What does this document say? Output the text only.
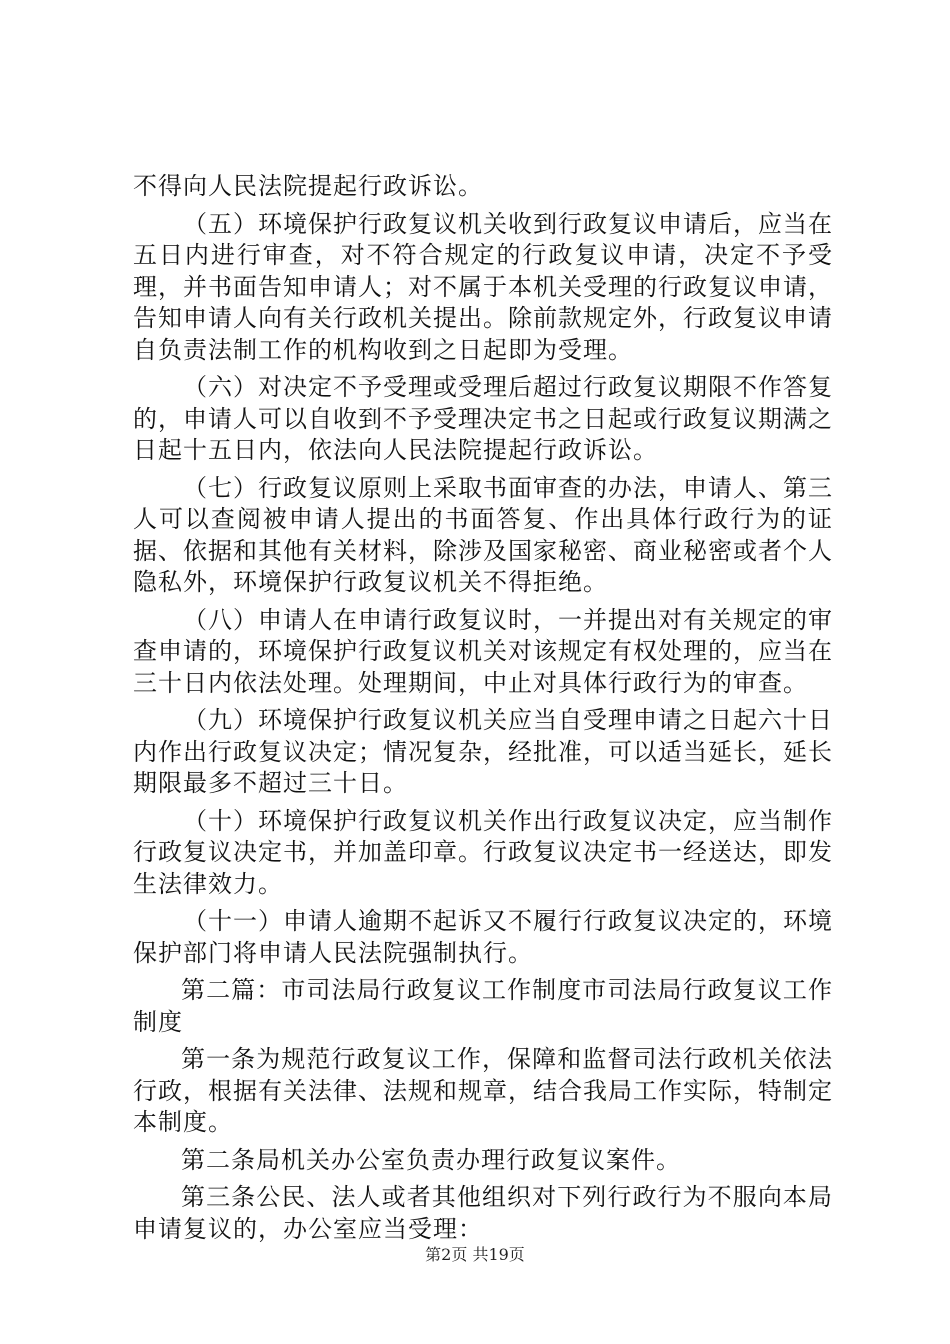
不得向人民法院提起行政诉讼。

（五）环境保护行政复议机关收到行政复议申请后，应当在五日内进行审查，对不符合规定的行政复议申请，决定不予受理，并书面告知申请人；对不属于本机关受理的行政复议申请，告知申请人向有关行政机关提出。除前款规定外，行政复议申请自负责法制工作的机构收到之日起即为受理。

（六）对决定不予受理或受理后超过行政复议期限不作答复的，申请人可以自收到不予受理决定书之日起或行政复议期满之日起十五日内，依法向人民法院提起行政诉讼。

（七）行政复议原则上采取书面审查的办法，申请人、第三人可以查阅被申请人提出的书面答复、作出具体行政行为的证据、依据和其他有关材料，除涉及国家秘密、商业秘密或者个人隐私外，环境保护行政复议机关不得拒绝。

（八）申请人在申请行政复议时，一并提出对有关规定的审查申请的，环境保护行政复议机关对该规定有权处理的，应当在三十日内依法处理。处理期间，中止对具体行政行为的审查。

（九）环境保护行政复议机关应当自受理申请之日起六十日内作出行政复议决定；情况复杂，经批准，可以适当延长，延长期限最多不超过三十日。

（十）环境保护行政复议机关作出行政复议决定，应当制作行政复议决定书，并加盖印章。行政复议决定书一经送达，即发生法律效力。

（十一）申请人逾期不起诉又不履行行政复议决定的，环境保护部门将申请人民法院强制执行。

第二篇：市司法局行政复议工作制度市司法局行政复议工作制度

第一条为规范行政复议工作，保障和监督司法行政机关依法行政，根据有关法律、法规和规章，结合我局工作实际，特制定本制度。

第二条局机关办公室负责办理行政复议案件。

第三条公民、法人或者其他组织对下列行政行为不服向本局申请复议的，办公室应当受理：

第2页 共19页
